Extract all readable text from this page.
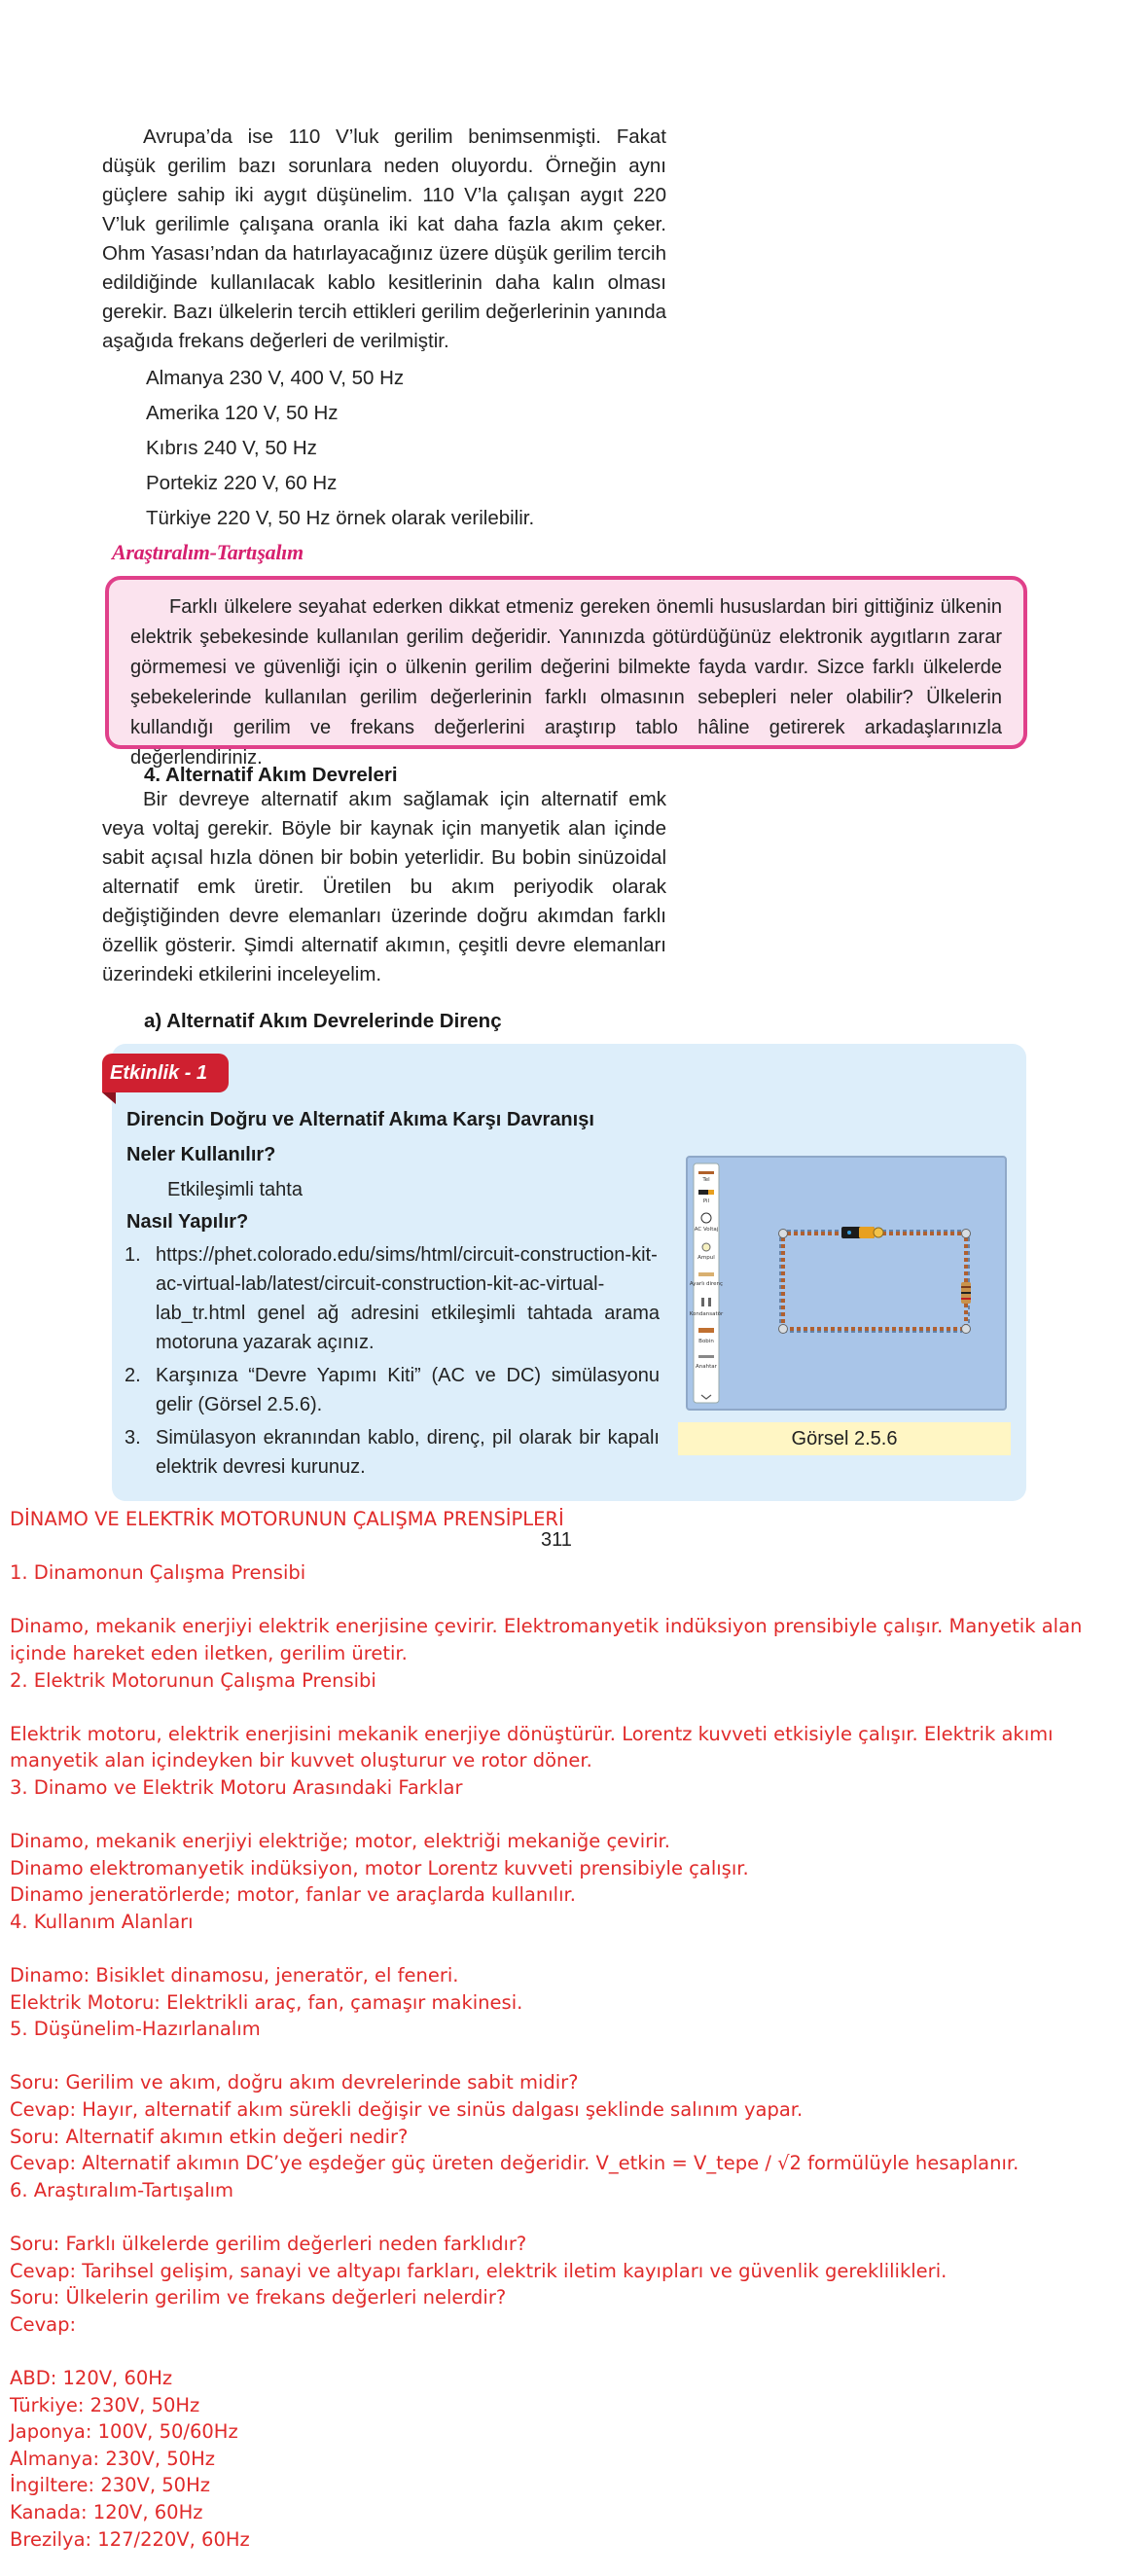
Avrupa’da ise 110 V’luk gerilim benimsenmişti. Fakat düşük gerilim bazı sorunlara neden oluyordu. Örneğin aynı güçlere sahip iki aygıt düşünelim. 110 V’la çalışan aygıt 220 V’luk gerilimle çalışana oranla iki kat daha fazla akım çeker. Ohm Yasası’ndan da hatırlayacağınız üzere düşük gerilim tercih edildiğinde kullanılacak kablo kesitlerinin daha kalın olması gerekir. Bazı ülkelerin tercih ettikleri gerilim değerlerinin yanında aşağıda frekans değerleri de verilmiştir.
Almanya 230 V, 400 V, 50 Hz
Amerika 120 V, 50 Hz
Kıbrıs 240 V, 50 Hz
Portekiz 220 V, 60 Hz
Türkiye 220 V, 50 Hz örnek olarak verilebilir.
Araştıralım-Tartışalım
Farklı ülkelere seyahat ederken dikkat etmeniz gereken önemli hususlardan biri gittiğiniz ülkenin elektrik şebekesinde kullanılan gerilim değeridir. Yanınızda götürdüğünüz elektronik aygıtların zarar görmemesi ve güvenliği için o ülkenin gerilim değerini bilmekte fayda vardır. Sizce farklı ülkelerde şebekelerinde kullanılan gerilim değerlerinin farklı olmasının sebepleri neler olabilir? Ülkelerin kullandığı gerilim ve frekans değerlerini araştırıp tablo hâline getirerek arkadaşlarınızla değerlendiriniz.
4. Alternatif Akım Devreleri
Bir devreye alternatif akım sağlamak için alternatif emk veya voltaj gerekir. Böyle bir kaynak için manyetik alan içinde sabit açısal hızla dönen bir bobin yeterlidir. Bu bobin sinüzoidal alternatif emk üretir. Üretilen bu akım periyodik olarak değiştiğinden devre elemanları üzerinde doğru akımdan farklı özellik gösterir. Şimdi alternatif akımın, çeşitli devre elemanları üzerindeki etkilerini inceleyelim.
a) Alternatif Akım Devrelerinde Direnç
Etkinlik - 1
Direncin Doğru ve Alternatif Akıma Karşı Davranışı
Neler Kullanılır?
Etkileşimli tahta
Nasıl Yapılır?
1. https://phet.colorado.edu/sims/html/circuit-construction-kit-ac-virtual-lab/latest/circuit-construction-kit-ac-virtual-lab_tr.html genel ağ adresini etkileşimli tahtada arama motoruna yazarak açınız.
2. Karşınıza “Devre Yapımı Kiti” (AC ve DC) simülasyonu gelir (Görsel 2.5.6).
3. Simülasyon ekranından kablo, direnç, pil olarak bir kapalı elektrik devresi kurunuz.
Tel
Pil
AC Voltaj
Ampul
Ayarlı direnç
Kondansatör
Bobin
Anahtar
Görsel 2.5.6
311
DİNAMO VE ELEKTRİK MOTORUNUN ÇALIŞMA PRENSİPLERİ
1. Dinamonun Çalışma Prensibi
Dinamo, mekanik enerjiyi elektrik enerjisine çevirir. Elektromanyetik indüksiyon prensibiyle çalışır. Manyetik alan içinde hareket eden iletken, gerilim üretir.
2. Elektrik Motorunun Çalışma Prensibi
Elektrik motoru, elektrik enerjisini mekanik enerjiye dönüştürür. Lorentz kuvveti etkisiyle çalışır. Elektrik akımı manyetik alan içindeyken bir kuvvet oluşturur ve rotor döner.
3. Dinamo ve Elektrik Motoru Arasındaki Farklar
Dinamo, mekanik enerjiyi elektriğe; motor, elektriği mekaniğe çevirir.
Dinamo elektromanyetik indüksiyon, motor Lorentz kuvveti prensibiyle çalışır.
Dinamo jeneratörlerde; motor, fanlar ve araçlarda kullanılır.
4. Kullanım Alanları
Dinamo: Bisiklet dinamosu, jeneratör, el feneri.
Elektrik Motoru: Elektrikli araç, fan, çamaşır makinesi.
5. Düşünelim-Hazırlanalım
Soru: Gerilim ve akım, doğru akım devrelerinde sabit midir?
Cevap: Hayır, alternatif akım sürekli değişir ve sinüs dalgası şeklinde salınım yapar.
Soru: Alternatif akımın etkin değeri nedir?
Cevap: Alternatif akımın DC’ye eşdeğer güç üreten değeridir. V_etkin = V_tepe / √2 formülüyle hesaplanır.
6. Araştıralım-Tartışalım
Soru: Farklı ülkelerde gerilim değerleri neden farklıdır?
Cevap: Tarihsel gelişim, sanayi ve altyapı farkları, elektrik iletim kayıpları ve güvenlik gereklilikleri.
Soru: Ülkelerin gerilim ve frekans değerleri nelerdir?
Cevap:
ABD: 120V, 60Hz
Türkiye: 230V, 50Hz
Japonya: 100V, 50/60Hz
Almanya: 230V, 50Hz
İngiltere: 230V, 50Hz
Kanada: 120V, 60Hz
Brezilya: 127/220V, 60Hz
